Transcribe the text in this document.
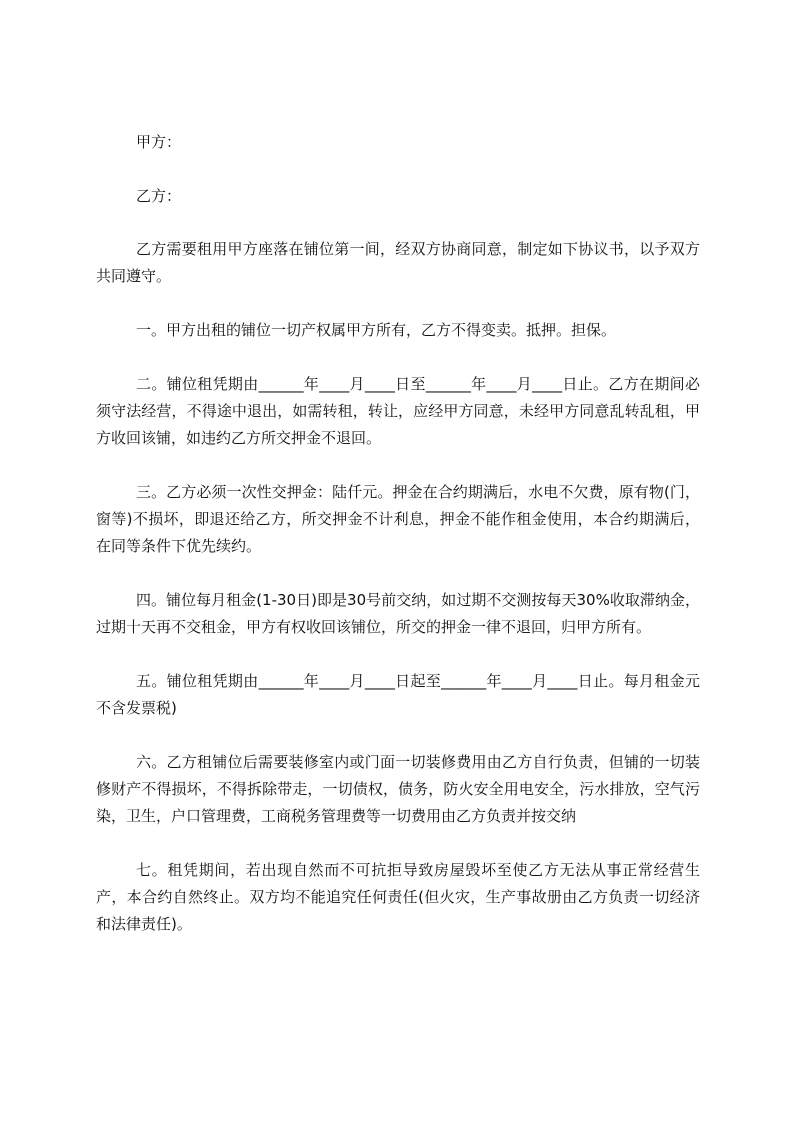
甲方：

乙方：

乙方需要租用甲方座落在铺位第一间，经双方协商同意，制定如下协议书，以予双方共同遵守。

一。甲方出租的铺位一切产权属甲方所有，乙方不得变卖。抵押。担保。

二。铺位租凭期由______年____月____日至______年____月____日止。乙方在期间必须守法经营，不得途中退出，如需转租，转让，应经甲方同意，未经甲方同意乱转乱租，甲方收回该铺，如违约乙方所交押金不退回。

三。乙方必须一次性交押金：陆仟元。押金在合约期满后，水电不欠费，原有物(门，窗等)不损坏，即退还给乙方，所交押金不计利息，押金不能作租金使用，本合约期满后，在同等条件下优先续约。

四。铺位每月租金(1-30日)即是30号前交纳，如过期不交测按每天30%收取滞纳金，过期十天再不交租金，甲方有权收回该铺位，所交的押金一律不退回，归甲方所有。

五。铺位租凭期由______年____月____日起至______年____月____日止。每月租金元不含发票税)

六。乙方租铺位后需要装修室内或门面一切装修费用由乙方自行负责，但铺的一切装修财产不得损坏，不得拆除带走，一切债权，债务，防火安全用电安全，污水排放，空气污染，卫生，户口管理费，工商税务管理费等一切费用由乙方负责并按交纳

七。租凭期间，若出现自然而不可抗拒导致房屋毁坏至使乙方无法从事正常经营生产，本合约自然终止。双方均不能追究任何责任(但火灾，生产事故册由乙方负责一切经济和法律责任)。
